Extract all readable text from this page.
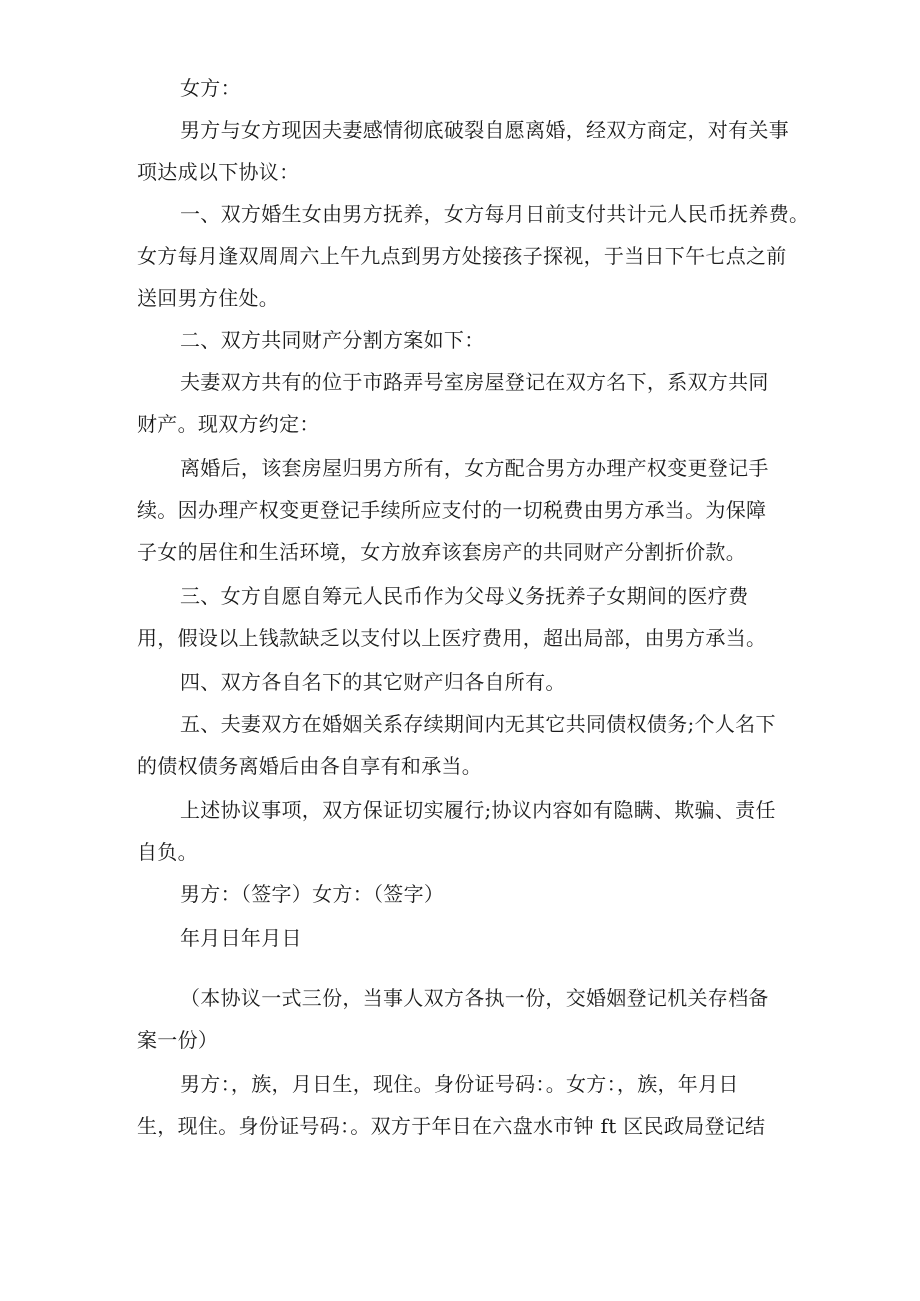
女方：
男方与女方现因夫妻感情彻底破裂自愿离婚，经双方商定，对有关事
项达成以下协议：
一、双方婚生女由男方抚养，女方每月日前支付共计元人民币抚养费。
女方每月逢双周周六上午九点到男方处接孩子探视，于当日下午七点之前
送回男方住处。
二、双方共同财产分割方案如下：
夫妻双方共有的位于市路弄号室房屋登记在双方名下，系双方共同
财产。现双方约定：
离婚后，该套房屋归男方所有，女方配合男方办理产权变更登记手
续。因办理产权变更登记手续所应支付的一切税费由男方承当。为保障
子女的居住和生活环境，女方放弃该套房产的共同财产分割折价款。
三、女方自愿自筹元人民币作为父母义务抚养子女期间的医疗费
用，假设以上钱款缺乏以支付以上医疗费用，超出局部，由男方承当。
四、双方各自名下的其它财产归各自所有。
五、夫妻双方在婚姻关系存续期间内无其它共同债权债务;个人名下
的债权债务离婚后由各自享有和承当。
上述协议事项，双方保证切实履行;协议内容如有隐瞒、欺骗、责任
自负。
男方：（签字）女方：（签字）
年月日年月日
（本协议一式三份，当事人双方各执一份，交婚姻登记机关存档备
案一份）
男方：，族，月日生，现住。身份证号码：。女方：，族，年月日
生，现住。身份证号码：。双方于年日在六盘水市钟 ft 区民政局登记结
